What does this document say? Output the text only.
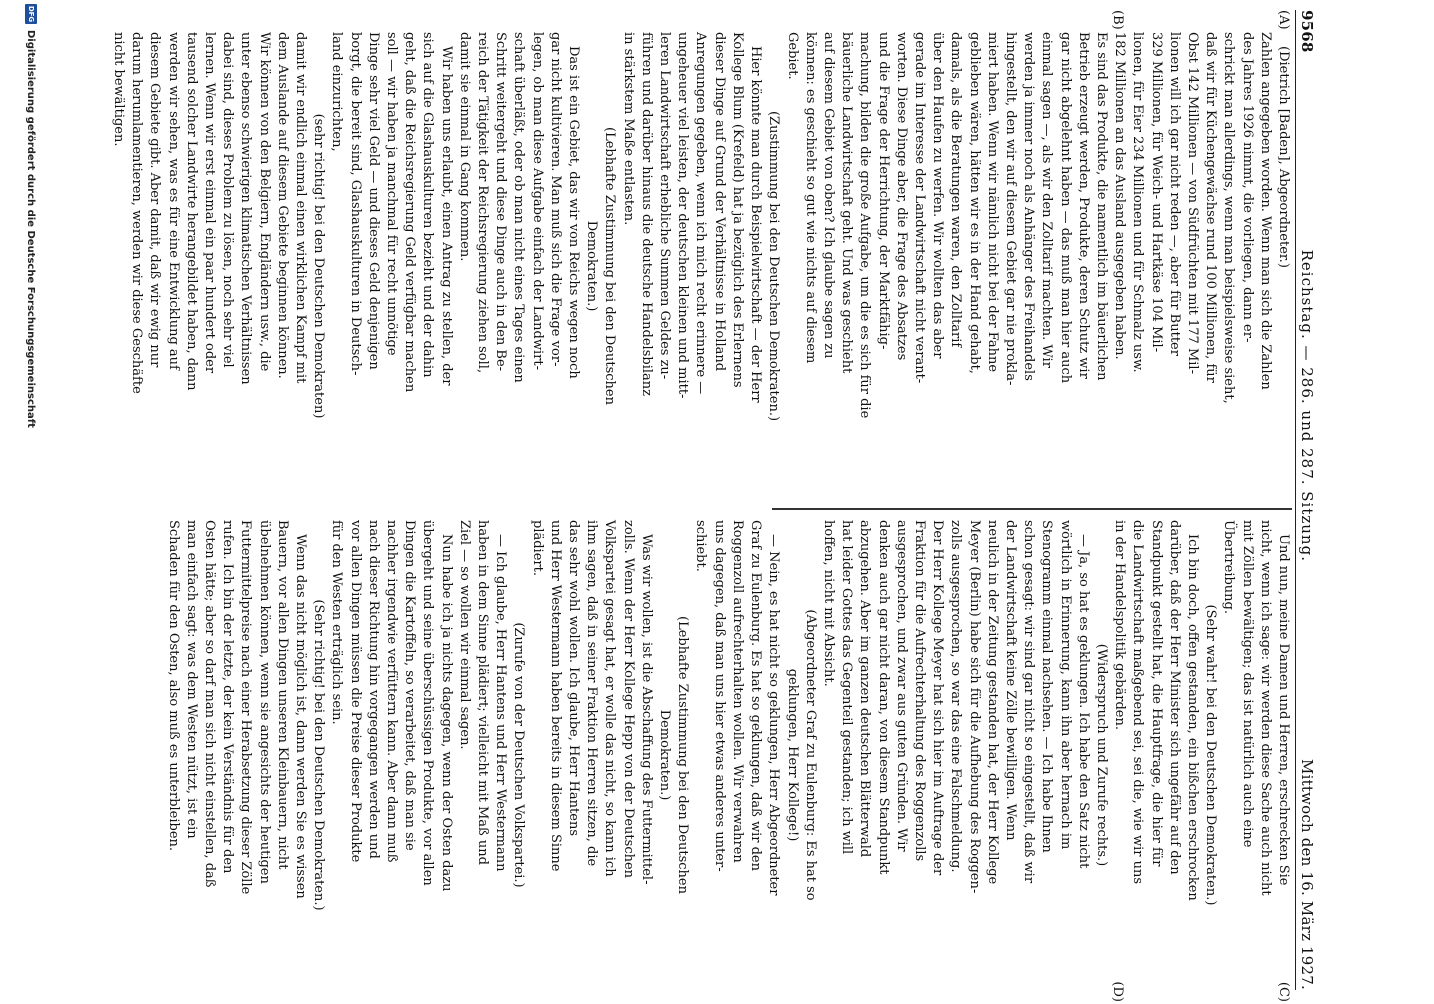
9568
Reichstag. — 286. und 287. Sitzung.
Mittwoch den 16. März 1927.
(A)
(B)
(C)
(D)
(Dietrich [Baden], Abgeordneter.)
Zahlen angegeben worden. Wenn man sich die Zahlen
des Jahres 1926 nimmt, die vorliegen, dann er-
schrickt man allerdings, wenn man beispielsweise sieht,
daß wir für Küchengewächse rund 100 Millionen, für
Obst 142 Millionen — von Südfrüchten mit 177 Mil-
lionen will ich gar nicht reden —, aber für Butter
329 Millionen, für Weich- und Hartkäse 104 Mil-
lionen, für Eier 234 Millionen und für Schmalz usw.
182 Millionen an das Ausland ausgegeben haben.
Es sind das Produkte, die namentlich im bäuerlichen
Betrieb erzeugt werden, Produkte, deren Schutz wir
gar nicht abgelehnt haben — das muß man hier auch
einmal sagen —, als wir den Zolltarif machten. Wir
werden ja immer noch als Anhänger des Freihandels
hingestellt, den wir auf diesem Gebiet gar nie prokla-
miert haben. Wenn wir nämlich nicht bei der Fahne
geblieben wären, hätten wir es in der Hand gehabt,
damals, als die Beratungen waren, den Zolltarif
über den Haufen zu werfen. Wir wollten das aber
gerade im Interesse der Landwirtschaft nicht verant-
worten. Diese Dinge aber, die Frage des Absatzes
und die Frage der Herrichtung, der Marktfähig-
machung, bilden die große Aufgabe, um die es sich für die
bäuerliche Landwirtschaft geht. Und was geschieht
auf diesem Gebiet von oben? Ich glaube sagen zu
können: es geschieht so gut wie nichts auf diesem
Gebiet.
(Zustimmung bei den Deutschen Demokraten.)
Hier könnte man durch Beispielwirtschaft — der Herr
Kollege Blum (Krefeld) hat ja bezüglich des Erlernens
dieser Dinge auf Grund der Verhältnisse in Holland
Anregungen gegeben, wenn ich mich recht erinnere —
ungeheuer viel leisten, der deutschen kleinen und mitt-
leren Landwirtschaft erhebliche Summen Geldes zu-
führen und darüber hinaus die deutsche Handelsbilanz
in stärkstem Maße entlasten.
(Lebhafte Zustimmung bei den Deutschen
Demokraten.)
Das ist ein Gebiet, das wir von Reichs wegen noch
gar nicht kultivieren. Man muß sich die Frage vor-
legen, ob man diese Aufgabe einfach der Landwirt-
schaft überläßt, oder ob man nicht eines Tages einen
Schritt weitergeht und diese Dinge auch in den Be-
reich der Tätigkeit der Reichsregierung ziehen soll,
damit sie einmal in Gang kommen.
Wir haben uns erlaubt, einen Antrag zu stellen, der
sich auf die Glashauskulturen bezieht und der dahin
geht, daß die Reichsregierung Geld verfügbar machen
soll — wir haben ja manchmal für recht unnötige
Dinge sehr viel Geld — und dieses Geld denjenigen
borgt, die bereit sind, Glashauskulturen in Deutsch-
land einzurichten,
(sehr richtig! bei den Deutschen Demokraten)
damit wir endlich einmal einen wirklichen Kampf mit
dem Auslande auf diesem Gebiete beginnen können.
Wir können von den Belgiern, Engländern usw., die
unter ebenso schwierigen klimatischen Verhältnissen
dabei sind, dieses Problem zu lösen, noch sehr viel
lernen. Wenn wir erst einmal ein paar hundert oder
tausend solcher Landwirte herangebildet haben, dann
werden wir sehen, was es für eine Entwicklung auf
diesem Gebiete gibt. Aber damit, daß wir ewig nur
darum herumlamentieren, werden wir diese Geschäfte
nicht bewältigen.
Und nun, meine Damen und Herren, erschrecken Sie
nicht, wenn ich sage: wir werden diese Sache auch nicht
mit Zöllen bewältigen; das ist natürlich auch eine
Übertreibung.
(Sehr wahr! bei den Deutschen Demokraten.)
Ich bin doch, offen gestanden, ein bißchen erschrocken
darüber, daß der Herr Minister sich ungefähr auf den
Standpunkt gestellt hat, die Hauptfrage, die hier für
die Landwirtschaft maßgebend sei, sei die, wie wir uns
in der Handelspolitik gebärden.
(Widerspruch und Zurufe rechts.)
— Ja, so hat es geklungen. Ich habe den Satz nicht
wörtlich in Erinnerung, kann ihn aber hernach im
Stenogramm einmal nachsehen. — Ich habe Ihnen
schon gesagt: wir sind gar nicht so eingestellt, daß wir
der Landwirtschaft keine Zölle bewilligen. Wenn
neulich in der Zeitung gestanden hat, der Herr Kollege
Meyer (Berlin) habe sich für die Aufhebung des Roggen-
zolls ausgesprochen, so war das eine Falschmeldung.
Der Herr Kollege Meyer hat sich hier im Auftrage der
Fraktion für die Aufrechterhaltung des Roggenzolls
ausgesprochen, und zwar aus guten Gründen. Wir
denken auch gar nicht daran, von diesem Standpunkt
abzugehen. Aber im ganzen deutschen Blätterwald
hat leider Gottes das Gegenteil gestanden; ich will
hoffen, nicht mit Absicht.
(Abgeordneter Graf zu Eulenburg: Es hat so
geklungen, Herr Kollege!)
— Nein, es hat nicht so geklungen, Herr Abgeordneter
Graf zu Eulenburg. Es hat so geklungen, daß wir den
Roggenzoll aufrechterhalten wollen. Wir verwahren
uns dagegen, daß man uns hier etwas anderes unter-
schiebt.
(Lebhafte Zustimmung bei den Deutschen
Demokraten.)
Was wir wollen, ist die Abschaffung des Futtermittel-
zolls. Wenn der Herr Kollege Hepp von der Deutschen
Volkspartei gesagt hat, er wolle das nicht, so kann ich
ihm sagen, daß in seiner Fraktion Herren sitzen, die
das sehr wohl wollen. Ich glaube, Herr Hantens
und Herr Westermann haben bereits in diesem Sinne
plädiert.
(Zurufe von der Deutschen Volkspartei.)
— Ich glaube, Herr Hantens und Herr Westermann
haben in dem Sinne plädiert; vielleicht mit Maß und
Ziel — so wollen wir einmal sagen.
Nun habe ich ja nichts dagegen, wenn der Osten dazu
übergeht und seine überschüssigen Produkte, vor allen
Dingen die Kartoffeln, so verarbeitet, daß man sie
nachher irgendwie verfüttern kann. Aber dann muß
nach dieser Richtung hin vorgegangen werden und
vor allen Dingen müssen die Preise dieser Produkte
für den Westen erträglich sein.
(Sehr richtig! bei den Deutschen Demokraten.)
Wenn das nicht möglich ist, dann werden Sie es wissen
Bauern, vor allen Dingen unseren Kleinbauern, nicht
übelnehmen können, wenn sie angesichts der heutigen
Futtermittelpreise nach einer Herabsetzung dieser Zölle
rufen. Ich bin der letzte, der kein Verständnis für den
Osten hätte; aber so darf man sich nicht einstellen, daß
man einfach sagt: was dem Westen nützt, ist ein
Schaden für den Osten, also muß es unterbleiben.
DFG
Digitalisierung gefördert durch die Deutsche Forschungsgemeinschaft
